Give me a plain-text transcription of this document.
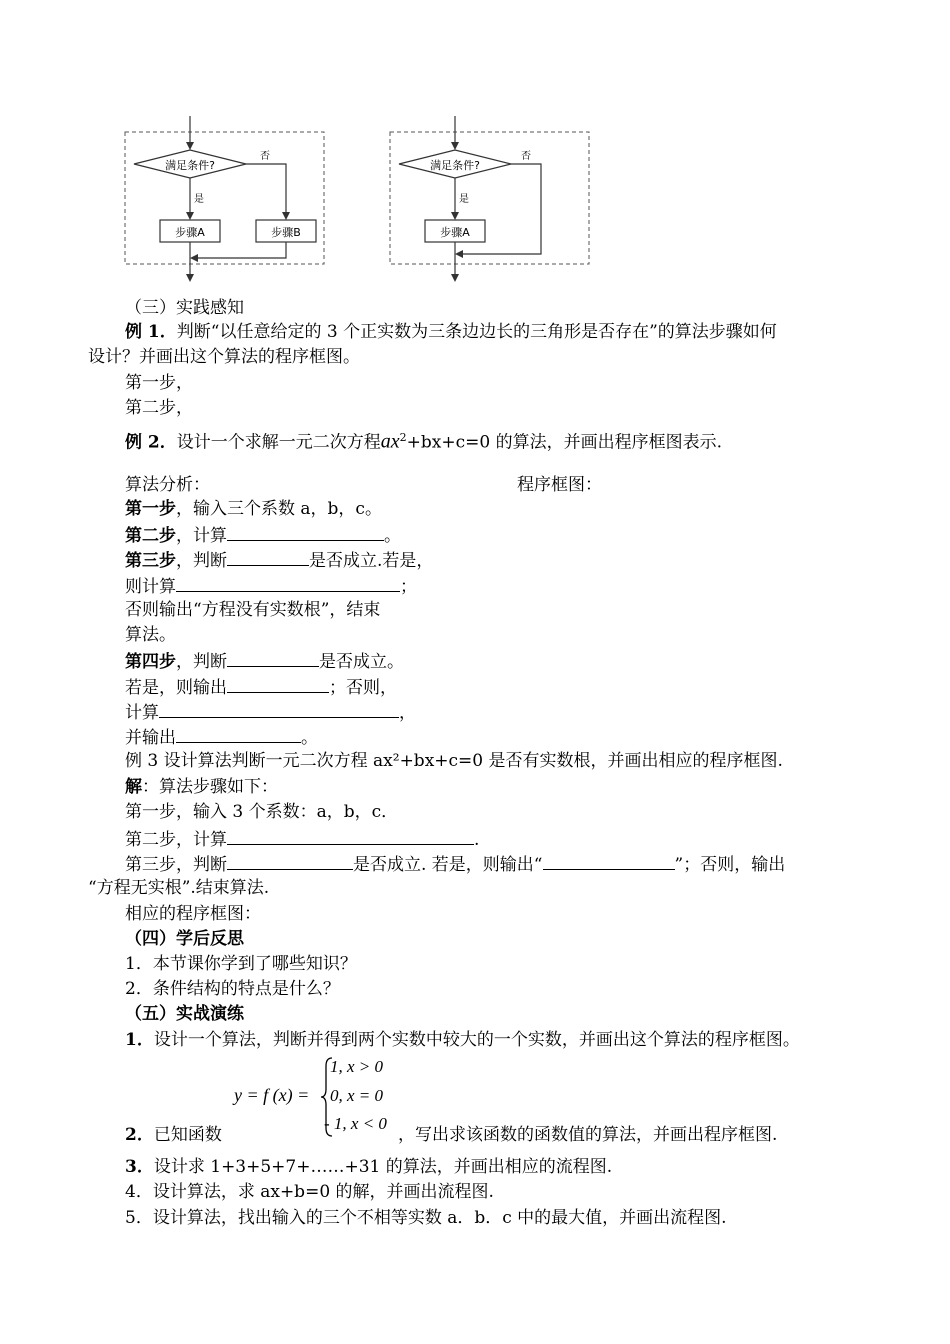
满足条件?
否
是
步骤A	步骤B
满足条件?
否
是
步骤A
（三）实践感知
例 1．判断“以任意给定的 3 个正实数为三条边边长的三角形是否存在”的算法步骤如何
设计？并画出这个算法的程序框图。
第一步，
第二步，
例 2．设计一个求解一元二次方程$ax^2+bx+c=0$ 的算法，并画出程序框图表示.
算法分析：	程序框图：
第一步，输入三个系数 a，b，c。
第二步，计算	。
第三步，判断	是否成立.若是，
则计算	；
否则输出“方程没有实数根”，结束
算法。
第四步，判断	是否成立。
若是，则输出	；否则，
计算	，
并输出	。
例 3 设计算法判断一元二次方程 ax²+bx+c=0 是否有实数根，并画出相应的程序框图.
解：算法步骤如下：
第一步，输入 3 个系数：a，b，c．
第二步，计算	.
第三步，判断	是否成立. 若是，则输出“	”；否则，输出
“方程无实根”.结束算法.
相应的程序框图：
（四）学后反思
1．本节课你学到了哪些知识？
2．条件结构的特点是什么？
（五）实战演练
1．设计一个算法，判断并得到两个实数中较大的一个实数，并画出这个算法的程序框图。
y = f (x) =
1, x > 0
0, x = 0
- 1, x < 0
2．已知函数	，写出求该函数的函数值的算法，并画出程序框图.
3．设计求 1+3+5+7+……+31 的算法，并画出相应的流程图.
4．设计算法，求 ax+b=0 的解，并画出流程图.
5．设计算法，找出输入的三个不相等实数 a．b．c 中的最大值，并画出流程图.
